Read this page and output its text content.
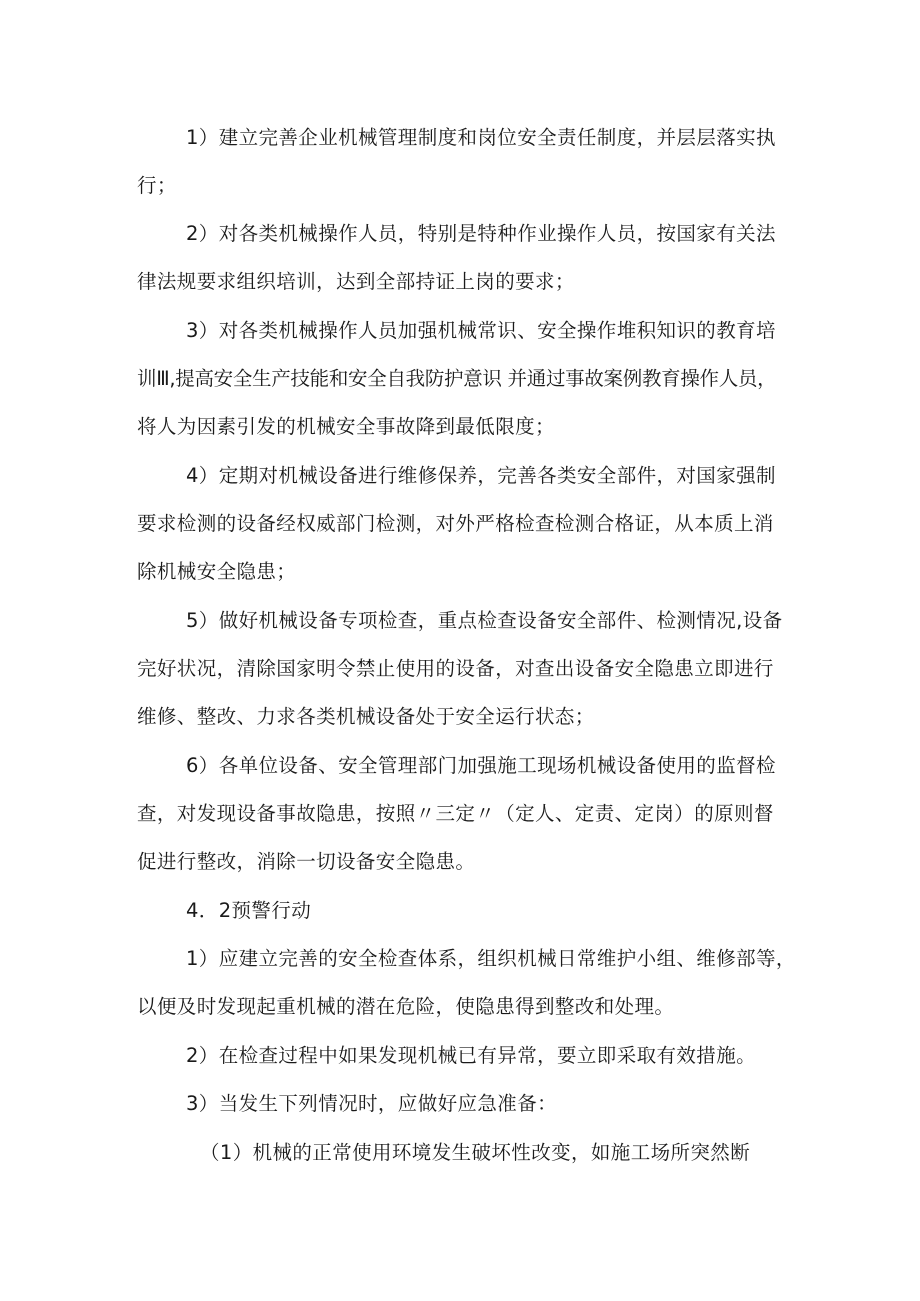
1）建立完善企业机械管理制度和岗位安全责任制度，并层层落实执
行；
2）对各类机械操作人员，特别是特种作业操作人员，按国家有关法
律法规要求组织培训，达到全部持证上岗的要求；
3）对各类机械操作人员加强机械常识、安全操作堆积知识的教育培
训Ⅲ,提高安全生产技能和安全自我防护意识 并通过事故案例教育操作人员，
将人为因素引发的机械安全事故降到最低限度；
4）定期对机械设备进行维修保养，完善各类安全部件，对国家强制
要求检测的设备经权威部门检测，对外严格检查检测合格证，从本质上消
除机械安全隐患；
5）做好机械设备专项检查，重点检查设备安全部件、检测情况,设备
完好状况，清除国家明令禁止使用的设备，对查出设备安全隐患立即进行
维修、整改、力求各类机械设备处于安全运行状态；
6）各单位设备、安全管理部门加强施工现场机械设备使用的监督检
查，对发现设备事故隐患，按照〃三定〃（定人、定责、定岗）的原则督
促进行整改，消除一切设备安全隐患。
4．2预警行动
1）应建立完善的安全检查体系，组织机械日常维护小组、维修部等，
以便及时发现起重机械的潜在危险，使隐患得到整改和处理。
2）在检查过程中如果发现机械已有异常，要立即采取有效措施。
3）当发生下列情况时，应做好应急准备：
（1）机械的正常使用环境发生破坏性改变，如施工场所突然断
